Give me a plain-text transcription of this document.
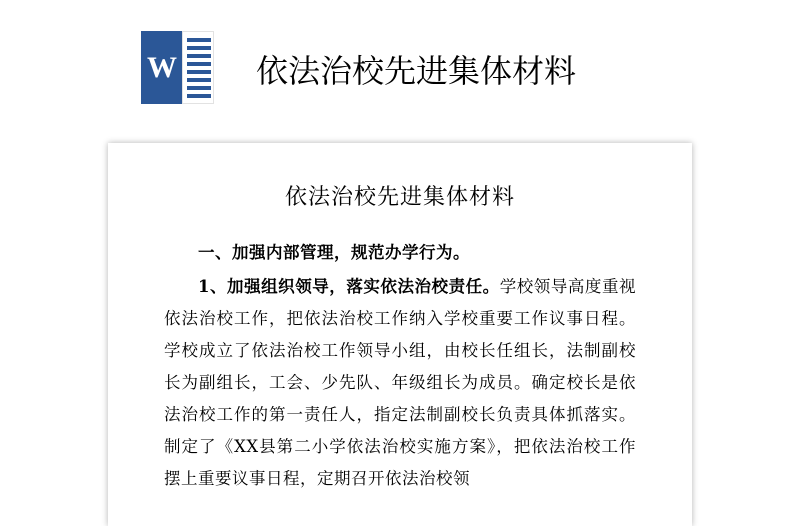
W	依法治校先进集体材料
依法治校先进集体材料

一、加强内部管理，规范办学行为。

1、加强组织领导，落实依法治校责任。学校领导高度重视依法治校工作，把依法治校工作纳入学校重要工作议事日程。学校成立了依法治校工作领导小组，由校长任组长，法制副校长为副组长，工会、少先队、年级组长为成员。确定校长是依法治校工作的第一责任人，指定法制副校长负责具体抓落实。制定了《XX县第二小学依法治校实施方案》，把依法治校工作摆上重要议事日程，定期召开依法治校领
